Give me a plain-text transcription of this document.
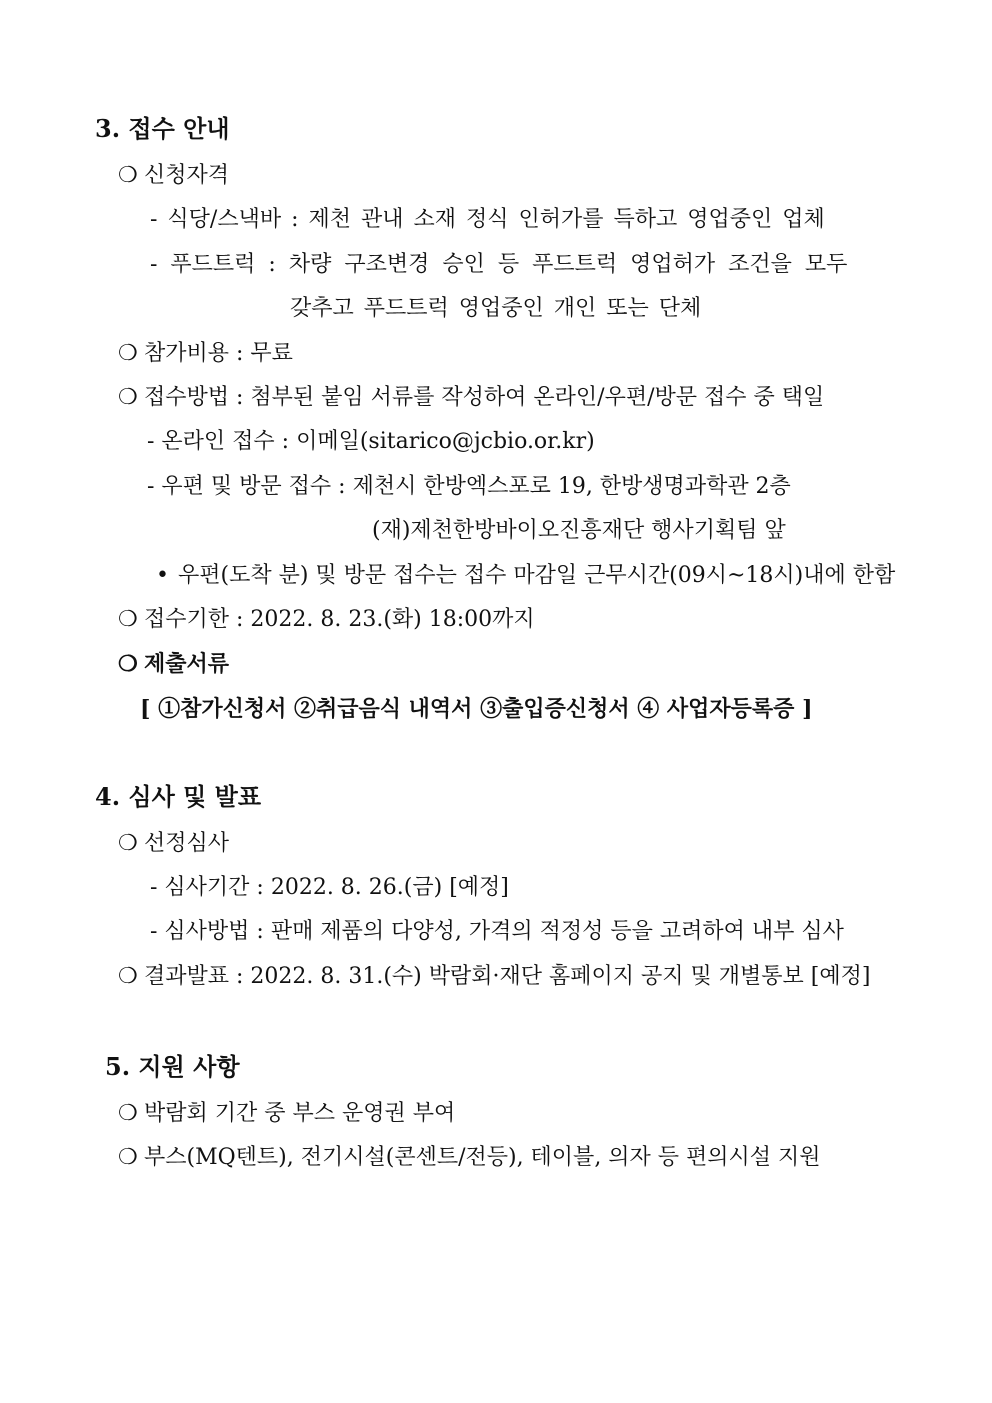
3. 접수 안내
❍ 신청자격
- 식당/스낵바 : 제천 관내 소재 정식 인허가를 득하고 영업중인 업체
- 푸드트럭 : 차량 구조변경 승인 등 푸드트럭 영업허가 조건을 모두
갖추고 푸드트럭 영업중인 개인 또는 단체
❍ 참가비용 : 무료
❍ 접수방법 : 첨부된 붙임 서류를 작성하여 온라인/우편/방문 접수 중 택일
- 온라인 접수 : 이메일(sitarico@jcbio.or.kr)
- 우편 및 방문 접수 : 제천시 한방엑스포로 19, 한방생명과학관 2층
(재)제천한방바이오진흥재단 행사기획팀 앞
• 우편(도착 분) 및 방문 접수는 접수 마감일 근무시간(09시~18시)내에 한함
❍ 접수기한 : 2022. 8. 23.(화) 18:00까지
❍ 제출서류
[ ①참가신청서 ②취급음식 내역서 ③출입증신청서 ④ 사업자등록증 ]
4. 심사 및 발표
❍ 선정심사
- 심사기간 : 2022. 8. 26.(금) [예정]
- 심사방법 : 판매 제품의 다양성, 가격의 적정성 등을 고려하여 내부 심사
❍ 결과발표 : 2022. 8. 31.(수) 박람회·재단 홈페이지 공지 및 개별통보 [예정]
5. 지원 사항
❍ 박람회 기간 중 부스 운영권 부여
❍ 부스(MQ텐트), 전기시설(콘센트/전등), 테이블, 의자 등 편의시설 지원
